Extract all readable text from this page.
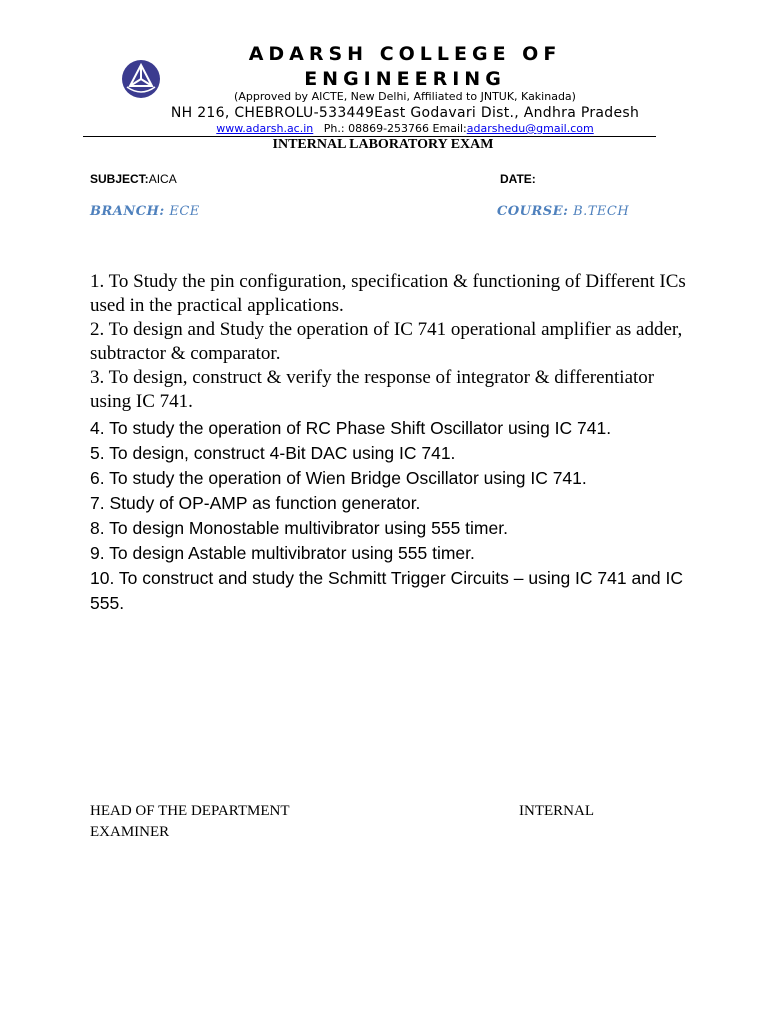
ADARSH COLLEGE OF ENGINEERING
(Approved by AICTE, New Delhi, Affiliated to JNTUK, Kakinada)
NH 216, CHEBROLU-533449East Godavari Dist., Andhra Pradesh
www.adarsh.ac.in Ph.: 08869-253766 Email:adarshedu@gmail.com
INTERNAL LABORATORY EXAM
SUBJECT:AICA	DATE:
BRANCH: ECE	COURSE: B.TECH
1. To Study the pin configuration, specification & functioning of Different ICs used in the practical applications.
2. To design and Study the operation of IC 741 operational amplifier as adder, subtractor & comparator.
3. To design, construct & verify the response of integrator & differentiator using IC 741.
4. To study the operation of RC Phase Shift Oscillator using IC 741.
5. To design, construct 4-Bit DAC using IC 741.
6. To study the operation of Wien Bridge Oscillator using IC 741.
7. Study of OP-AMP as function generator.
8. To design Monostable multivibrator using 555 timer.
9. To design Astable multivibrator using 555 timer.
10. To construct and study the Schmitt Trigger Circuits – using IC 741 and IC 555.
HEAD OF THE DEPARTMENT	INTERNAL
EXAMINER
